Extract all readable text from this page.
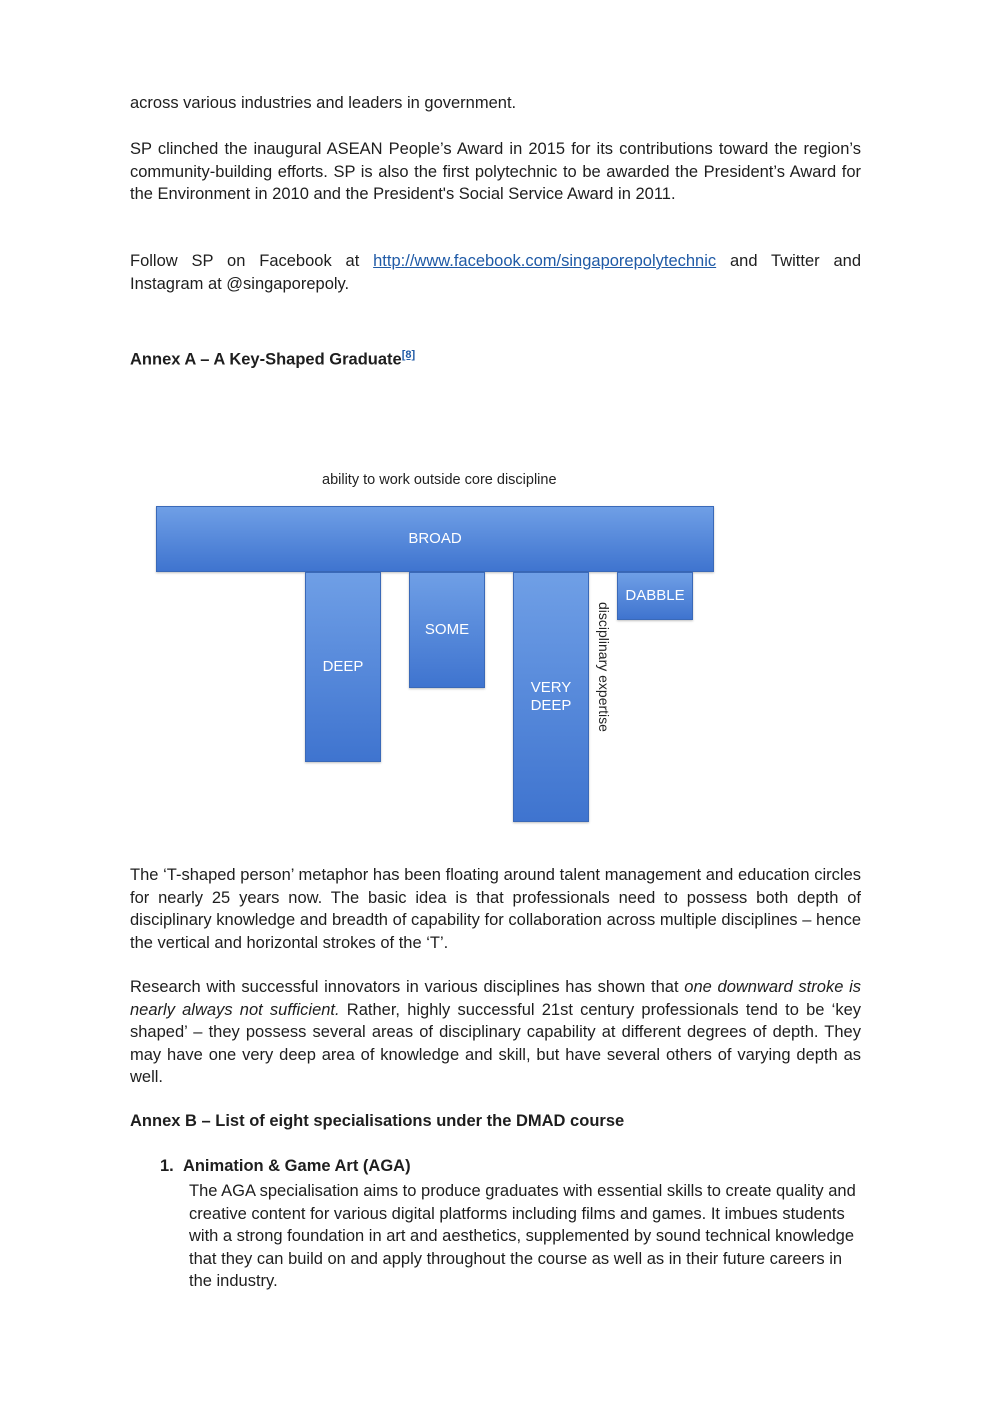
across various industries and leaders in government.

SP clinched the inaugural ASEAN People’s Award in 2015 for its contributions toward the region’s community-building efforts. SP is also the first polytechnic to be awarded the President’s Award for the Environment in 2010 and the President's Social Service Award in 2011.

Follow SP on Facebook at http://www.facebook.com/singaporepolytechnic and Twitter and Instagram at @singaporepoly.

Annex A – A Key-Shaped Graduate[8]

ability to work outside core discipline
BROAD
DEEP
SOME
VERY
DEEP
DABBLE
disciplinary expertise

The ‘T-shaped person’ metaphor has been floating around talent management and education circles for nearly 25 years now. The basic idea is that professionals need to possess both depth of disciplinary knowledge and breadth of capability for collaboration across multiple disciplines – hence the vertical and horizontal strokes of the ‘T’.

Research with successful innovators in various disciplines has shown that one downward stroke is nearly always not sufficient. Rather, highly successful 21st century professionals tend to be ‘key shaped’ – they possess several areas of disciplinary capability at different degrees of depth. They may have one very deep area of knowledge and skill, but have several others of varying depth as well.

Annex B – List of eight specialisations under the DMAD course

1. Animation & Game Art (AGA)

The AGA specialisation aims to produce graduates with essential skills to create quality and creative content for various digital platforms including films and games. It imbues students with a strong foundation in art and aesthetics, supplemented by sound technical knowledge that they can build on and apply throughout the course as well as in their future careers in the industry.
